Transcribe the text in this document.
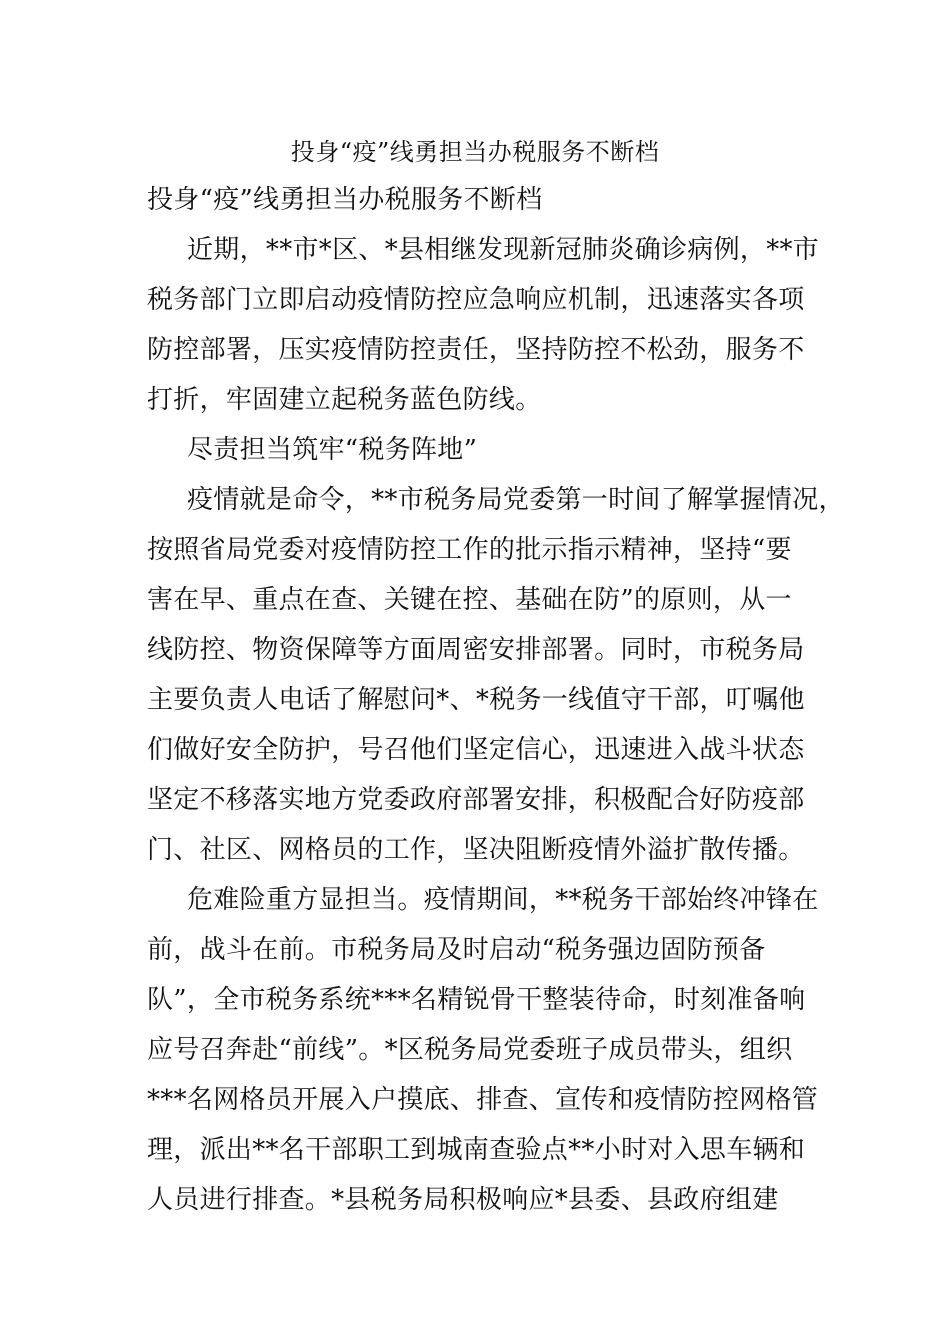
投身“疫”线勇担当办税服务不断档
投身“疫”线勇担当办税服务不断档
近期，**市*区、*县相继发现新冠肺炎确诊病例，**市
税务部门立即启动疫情防控应急响应机制，迅速落实各项
防控部署，压实疫情防控责任，坚持防控不松劲，服务不
打折，牢固建立起税务蓝色防线。
尽责担当筑牢“税务阵地”
疫情就是命令，**市税务局党委第一时间了解掌握情况，
按照省局党委对疫情防控工作的批示指示精神，坚持“要
害在早、重点在查、关键在控、基础在防”的原则，从一
线防控、物资保障等方面周密安排部署。同时，市税务局
主要负责人电话了解慰问*、*税务一线值守干部，叮嘱他
们做好安全防护，号召他们坚定信心，迅速进入战斗状态
坚定不移落实地方党委政府部署安排，积极配合好防疫部
门、社区、网格员的工作，坚决阻断疫情外溢扩散传播。
危难险重方显担当。疫情期间，**税务干部始终冲锋在
前，战斗在前。市税务局及时启动“税务强边固防预备
队”，全市税务系统***名精锐骨干整装待命，时刻准备响
应号召奔赴“前线”。*区税务局党委班子成员带头，组织
***名网格员开展入户摸底、排查、宣传和疫情防控网格管
理，派出**名干部职工到城南查验点**小时对入思车辆和
人员进行排查。*县税务局积极响应*县委、县政府组建
